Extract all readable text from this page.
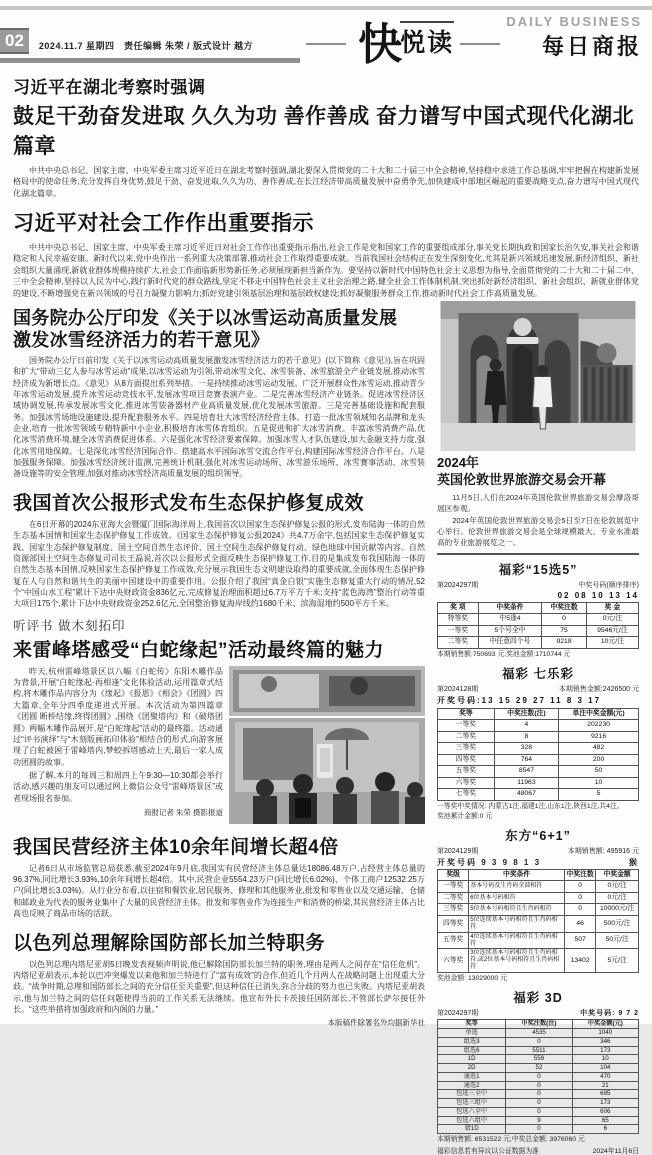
02	2024.11.7 星期四　责任编辑 朱荣 / 版式设计 越方 快 悦读
DAILY BUSINESS
每日商报
习近平在湖北考察时强调
鼓足干劲奋发进取 久久为功 善作善成 奋力谱写中国式现代化湖北篇章

中共中央总书记、国家主席、中央军委主席习近平近日在湖北考察时强调,湖北要深入贯彻党的二十大和二十届三中全会精神,坚持稳中求进工作总基调,牢牢把握在构建新发展格局中的使命任务,充分发挥自身优势,鼓足干劲、奋发进取,久久为功、善作善成,在长江经济带高质量发展中奋勇争先,加快建成中部地区崛起的重要战略支点,奋力谱写中国式现代化湖北篇章。

习近平对社会工作作出重要指示

中共中央总书记、国家主席、中央军委主席习近平近日对社会工作作出重要指示指出,社会工作是党和国家工作的重要组成部分,事关党长期执政和国家长治久安,事关社会和谐稳定和人民幸福安康。新时代以来,党中央作出一系列重大决策部署,推动社会工作取得重要成就。当前我国社会结构正在发生深刻变化,尤其是新兴领域迅速发展,新经济组织、新社会组织大量涌现,新就业群体规模持续扩大,社会工作面临新形势新任务,必须展现新担当新作为。要坚持以新时代中国特色社会主义思想为指导,全面贯彻党的二十大和二十届二中、三中全会精神,坚持以人民为中心,践行新时代党的群众路线,坚定不移走中国特色社会主义社会治理之路,健全社会工作体制机制,突出抓好新经济组织、新社会组织、新就业群体党的建设,不断增强党在新兴领域的号召力凝聚力影响力;抓好党建引领基层治理和基层政权建设;抓好凝聚服务群众工作,推动新时代社会工作高质量发展。

国务院办公厅印发《关于以冰雪运动高质量发展
激发冰雪经济活力的若干意见》

国务院办公厅日前印发《关于以冰雪运动高质量发展激发冰雪经济活力的若干意见》(以下简称《意见》),旨在巩固和扩大“带动三亿人参与冰雪运动”成果,以冰雪运动为引领,带动冰雪文化、冰雪装备、冰雪旅游全产业链发展,推动冰雪经济成为新增长点。《意见》从8方面提出系列举措。一是持续推动冰雪运动发展。广泛开展群众性冰雪运动,推动青少年冰雪运动发展,提升冰雪运动竞技水平,发展冰雪项目竞赛表演产业。二是完善冰雪经济产业链条。促进冰雪经济区域协调发展,传承发展冰雪文化,推进冰雪装备器材产业高质量发展,优化发展冰雪旅游。三是完善基础设施和配套服务。加强冰雪场地设施建设,提升配套服务水平。四是培育壮大冰雪经济经营主体。打造一批冰雪领域知名品牌和龙头企业,培育一批冰雪领域专精特新中小企业,积极培育冰雪体育组织。五是促进和扩大冰雪消费。丰富冰雪消费产品,优化冰雪消费环境,健全冰雪消费促进体系。六是强化冰雪经济要素保障。加强冰雪人才队伍建设,加大金融支持力度,强化冰雪用地保障。七是深化冰雪经济国际合作。搭建高水平国际冰雪交流合作平台,构建国际冰雪经济合作平台。八是加强服务保障。加强冰雪经济统计监测,完善统计机制,强化对冰雪运动场所、冰雪游乐场所、冰雪赛事活动、冰雪装备设施等的安全管理,加强对推动冰雪经济高质量发展的组织领导。

我国首次公报形式发布生态保护修复成效

在6日开幕的2024东亚海大会暨厦门国际海洋周上,我国首次以国家生态保护修复公报的形式,发布陆海一体的自然生态基本国情和国家生态保护修复工作成效。《国家生态保护修复公报2024》共4.7万余字,包括国家生态保护修复实践、国家生态保护修复制度、国土空间自然生态评价、国土空间生态保护修复行动、绿色地球中国贡献等内容。自然资源部国土空间生态修复司司长王磊说,首次以公报形式全面反映生态保护修复工作,目的是集成发布我国陆海一体的自然生态基本国情,反映国家生态保护修复工作成效,充分展示我国生态文明建设取得的重要成就,全面体现生态保护修复在人与自然和谐共生的美丽中国建设中的重要作用。公报介绍了我国“真金白银”实施生态修复重大行动的情况,52个“中国山水工程”累计下达中央财政资金836亿元,完成修复治理面积超过6.7万平方千米;支持“蓝色海湾”整治行动等重大项目175个,累计下达中央财政资金252.6亿元,全国整治修复海岸线约1680千米、滨海湿地约500平方千米。

听评书 做木刻拓印
来雷峰塔感受“白蛇缘起”活动最终篇的魅力

昨天,杭州雷峰塔景区以八幅《白蛇传》东阳木雕作品为背景,开展“白蛇缘起·再相逢”文化体验活动,运用篇章式结构,将木雕作品内容分为《缘起》《报恩》《相会》《团圆》四大篇章,全年分四季度递进式开展。本次活动为第四篇章《团圆 断桥结缘,终得团圆》,围绕《团聚塔内》和《破塔团圆》两幅木雕作品展开,是“白蛇缘起”活动的最终篇。活动通过“评书演绎”与“木刻版画拓印体验”相结合的形式,向游客展现了白蛇被困于雷峰塔内,梦蛟拆塔感动上天,最后一家人成功团圆的故事。

据了解,本月的每周三和周四上午9:30—10:30都会举行活动,感兴趣的朋友可以通过网上微信公众号“雷峰塔景区”或者现场报名参加。

商报记者 朱荣 摄影报道
我国民营经济主体10余年间增长超4倍

记者6日从市场监管总局获悉,截至2024年9月底,我国实有民营经济主体总量达18086.48万户,占经营主体总量的96.37%,同比增长3.93%,10余年间增长超4倍。其中,民营企业5554.23万户(同比增长6.02%)、个体工商户12532.25万户(同比增长3.03%)。从行业分布看,以住宿和餐饮业,居民服务、修理和其他服务业,批发和零售业以及交通运输、仓储和邮政业为代表的服务业集中了大量的民营经济主体。批发和零售业作为连接生产和消费的桥梁,其民营经济主体占比高也反映了商品市场的活跃。

以色列总理解除国防部长加兰特职务

以色列总理内塔尼亚胡5日晚发表视频声明说,他已解除国防部长加兰特的职务,理由是两人之间存在“信任危机”。内塔尼亚胡表示,本轮以巴冲突爆发以来他和加兰特进行了“富有成效”的合作,但近几个月两人在战略问题上出现重大分歧。“战争时期,总理和国防部长之间的充分信任至关重要”,但这种信任已消失,弥合分歧的努力也已失败。内塔尼亚胡表示,他与加兰特之间的信任问题使得当前的工作关系无法继续。他宣布外长卡茨接任国防部长,不管部长萨尔接任外长。“这些举措将加强政府和内阁的力量。”

本版稿件除署名外均据新华社
2024年
英国伦敦世界旅游交易会开幕

11月5日,人们在2024年英国伦敦世界旅游交易会摩洛哥展区参观。

2024年英国伦敦世界旅游交易会5日至7日在伦敦展览中心举行。伦敦世界旅游交易会是全球规模最大、专业水准最高的专业旅游展览之一。

福彩“15选5”
第2024297期	中奖号码(顺序排序)
02 08 10 13 14
奖 项	中奖条件	中奖注数	奖 金
特等奖	中5逢4	0	0元/注
一等奖	5个号全中	75	9546元/注
二等奖	中任意四个号	9218	10元/注
本期销售额:750693 元,奖池金额:1710744 元
福彩 七乐彩
第2024128期	本期销售金额:2426500 元
开奖号码:13 15 29 27 11 8 3 17
奖等	中奖注数(注)	单注中奖金额(元)
一等奖	4	202230
二等奖	8	9216
三等奖	328	482
四等奖	764	200
五等奖	8547	50
六等奖	11963	10
七等奖	48067	5
一等奖中奖情况: 内蒙古1注,福建1注,山东1注,陕西1注,共4注。
奖池累计金额:0 元
东方“6+1”
第2024129期	本期销售额: 495916 元
开奖号码 9 3 9 8 1 3	猴
奖级	中奖条件	中奖注数	中奖金额
一等奖	基本号码及生肖码全部相符	0	0元/注
二等奖	6位基本号码相符	0	0元/注
三等奖	5位基本号码相符且生肖码相符	0	10000元/注
四等奖	5位连续基本号码相符且生肖码相符	46	500元/注
五等奖	4位连续基本号码相符且生肖码相符	507	50元/注
六等奖	3位连续基本号码相符且生肖码相符,或2位基本号码相符且生肖码相符	13402	5元/注
奖池金额: 13029000 元
福彩 3D
第2024297期	中奖号码: 9 7 2
奖等	中奖注数(注)	中奖金额(元)
单选	4535	1040
组选3	0	346
组选6	5511	173
1D	559	10
2D	52	104
通选1	0	470
通选2	0	21
包选三全中	0	695
包选三组中	0	173
包选六全中	0	606
包选六组中	9	65
猜1D	0	6
本期销售额: 6531522 元,中奖总金额: 3976060 元
福彩信息若有异议以公证数据为准	2024年11月6日
